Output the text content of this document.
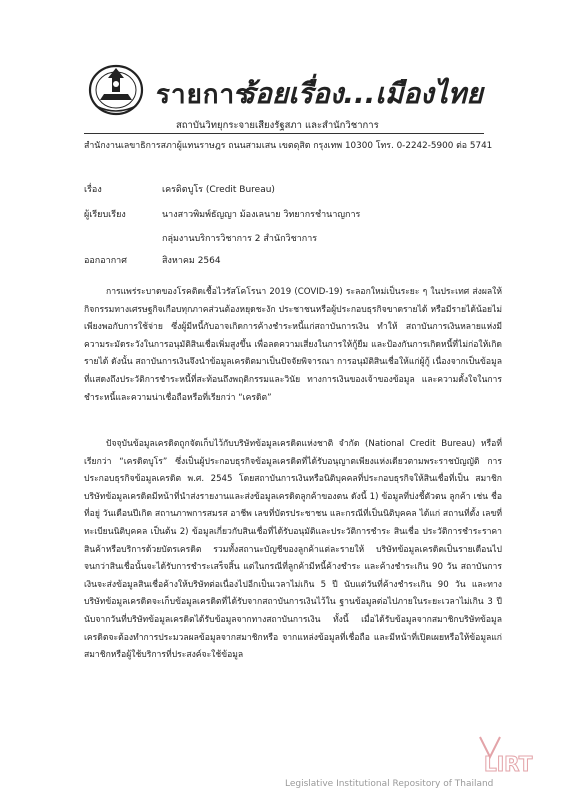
รายการ
ร้อยเรื่อง...เมืองไทย
สถาบันวิทยุกระจายเสียงรัฐสภา และสำนักวิชาการ
สำนักงานเลขาธิการสภาผู้แทนราษฎร ถนนสามเสน เขตดุสิต กรุงเทพ 10300 โทร. 0-2242-5900 ต่อ 5741
เรื่อง	เครดิตบูโร (Credit Bureau)
ผู้เรียบเรียง	นางสาวพิมพ์ธัญญา ม้องเลนาย วิทยากรชำนาญการ
กลุ่มงานบริการวิชาการ 2 สำนักวิชาการ
ออกอากาศ	สิงหาคม 2564
การแพร่ระบาดของโรคติดเชื้อไวรัสโคโรนา 2019 (COVID-19) ระลอกใหม่เป็นระยะ ๆ ในประเทศ ส่งผลให้กิจกรรมทางเศรษฐกิจเกือบทุกภาคส่วนต้องหยุดชะงัก ประชาชนหรือผู้ประกอบธุรกิจขาดรายได้ หรือมีรายได้น้อยไม่เพียงพอกับการใช้จ่าย ซึ่งผู้มีหนี้กับอาจเกิดการค้างชำระหนี้แก่สถาบันการเงิน ทำให้ สถาบันการเงินหลายแห่งมีความระมัดระวังในการอนุมัติสินเชื่อเพิ่มสูงขึ้น เพื่อลดความเสี่ยงในการให้กู้ยืม และป้องกันการเกิดหนี้ที่ไม่ก่อให้เกิดรายได้ ดังนั้น สถาบันการเงินจึงนำข้อมูลเครดิตมาเป็นปัจจัยพิจารณา การอนุมัติสินเชื่อให้แก่ผู้กู้ เนื่องจากเป็นข้อมูลที่แสดงถึงประวัติการชำระหนี้ที่สะท้อนถึงพฤติกรรมและวินัย ทางการเงินของเจ้าของข้อมูล และความตั้งใจในการชำระหนี้และความน่าเชื่อถือหรือที่เรียกว่า “เครดิต”
ปัจจุบันข้อมูลเครดิตถูกจัดเก็บไว้กับบริษัทข้อมูลเครดิตแห่งชาติ จำกัด (National Credit Bureau) หรือที่ เรียกว่า “เครดิตบูโร” ซึ่งเป็นผู้ประกอบธุรกิจข้อมูลเครดิตที่ได้รับอนุญาตเพียงแห่งเดียวตามพระราชบัญญัติ การประกอบธุรกิจข้อมูลเครดิต พ.ศ. 2545 โดยสถาบันการเงินหรือนิติบุคคลที่ประกอบธุรกิจให้สินเชื่อที่เป็น สมาชิกบริษัทข้อมูลเครดิตมีหน้าที่นำส่งรายงานและส่งข้อมูลเครดิตลูกค้าของตน ดังนี้ 1) ข้อมูลที่บ่งชี้ตัวตน ลูกค้า เช่น ชื่อ ที่อยู่ วันเดือนปีเกิด สถานภาพการสมรส อาชีพ เลขที่บัตรประชาชน และกรณีที่เป็นนิติบุคคล ได้แก่ สถานที่ตั้ง เลขที่ทะเบียนนิติบุคคล เป็นต้น 2) ข้อมูลเกี่ยวกับสินเชื่อที่ได้รับอนุมัติและประวัติการชำระ สินเชื่อ ประวัติการชำระราคาสินค้าหรือบริการด้วยบัตรเครดิต รวมทั้งสถานะบัญชีของลูกค้าแต่ละรายให้ บริษัทข้อมูลเครดิตเป็นรายเดือนไปจนกว่าสินเชื่อนั้นจะได้รับการชำระเสร็จสิ้น แต่ในกรณีที่ลูกค้ามีหนี้ค้างชำระ และค้างชำระเกิน 90 วัน สถาบันการเงินจะส่งข้อมูลสินเชื่อค้างให้บริษัทต่อเนื่องไปอีกเป็นเวลาไม่เกิน 5 ปี นับแต่วันที่ค้างชำระเกิน 90 วัน และทางบริษัทข้อมูลเครดิตจะเก็บข้อมูลเครดิตที่ได้รับจากสถาบันการเงินไว้ใน ฐานข้อมูลต่อไปภายในระยะเวลาไม่เกิน 3 ปี นับจากวันที่บริษัทข้อมูลเครดิตได้รับข้อมูลจากทางสถาบันการเงิน ทั้งนี้ เมื่อได้รับข้อมูลจากสมาชิกบริษัทข้อมูลเครดิตจะต้องทำการประมวลผลข้อมูลจากสมาชิกหรือ จากแหล่งข้อมูลที่เชื่อถือ และมีหน้าที่เปิดเผยหรือให้ข้อมูลแก่สมาชิกหรือผู้ใช้บริการที่ประสงค์จะใช้ข้อมูล
LIRT
Legislative Institutional Repository of Thailand
